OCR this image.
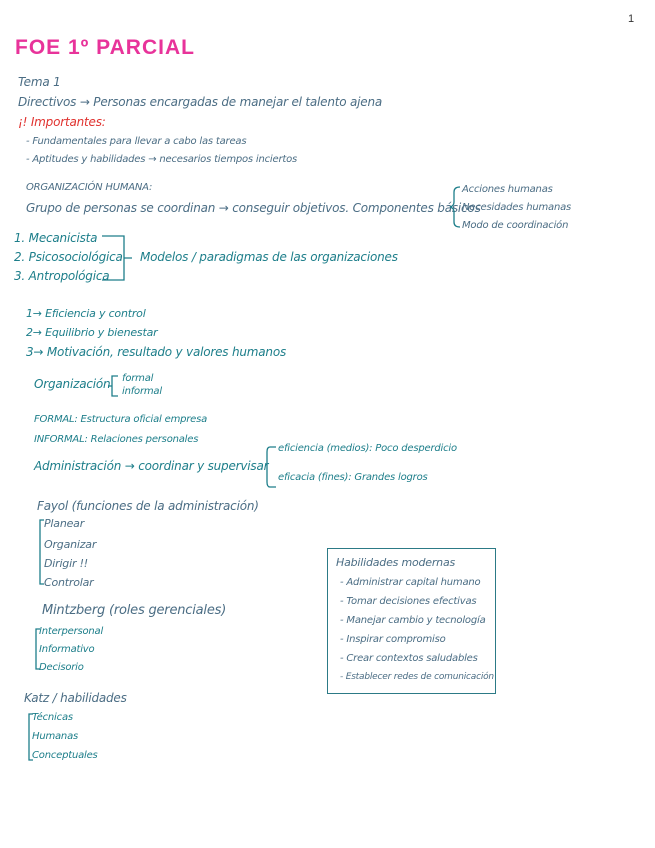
1
FOE 1º PARCIAL
Tema 1
Directivos → Personas encargadas de manejar el talento ajena
¡! Importantes:
- Fundamentales para llevar a cabo las tareas
- Aptitudes y habilidades → necesarios tiempos inciertos
ORGANIZACIÓN HUMANA:
Grupo de personas se coordinan → conseguir objetivos. Componentes básicos
Acciones humanas
Necesidades humanas
Modo de coordinación
1. Mecanicista
2. Psicosociológica
3. Antropológica
Modelos / paradigmas de las organizaciones
1→ Eficiencia y control
2→ Equilibrio y bienestar
3→ Motivación, resultado y valores humanos
Organización formal
informal
FORMAL: Estructura oficial empresa
INFORMAL: Relaciones personales
Administración → coordinar y supervisar
eficiencia (medios): Poco desperdicio
eficacia (fines): Grandes logros
Fayol (funciones de la administración)
Planear
Organizar
Dirigir !!
Controlar
Mintzberg (roles gerenciales)
Interpersonal
Informativo
Decisorio
Katz / habilidades
Técnicas
Humanas
Conceptuales
Habilidades modernas
- Administrar capital humano
- Tomar decisiones efectivas
- Manejar cambio y tecnología
- Inspirar compromiso
- Crear contextos saludables
- Establecer redes de comunicación
